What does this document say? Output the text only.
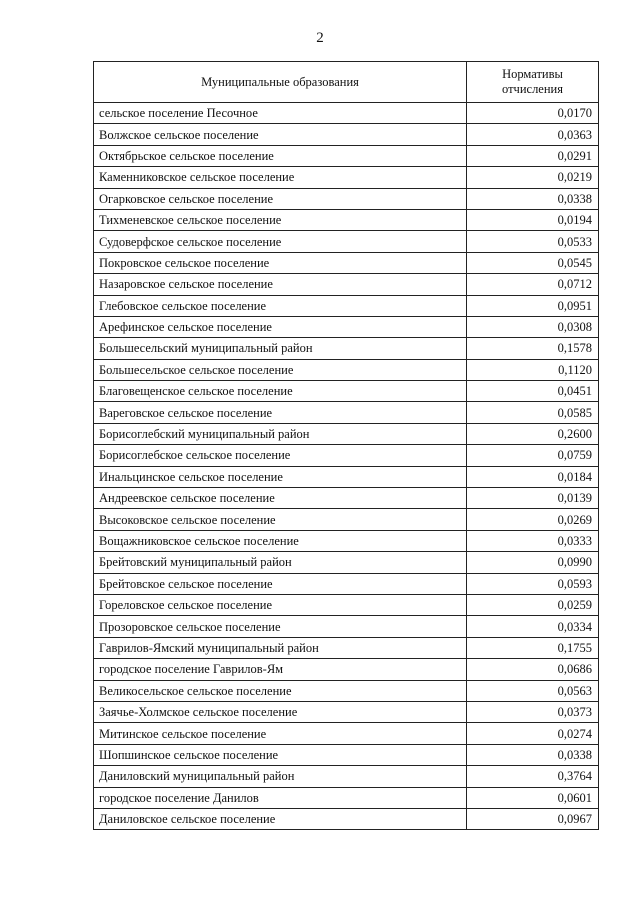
2
Муниципальные образования	Нормативы
отчисления

сельское поселение Песочное	0,0170
Волжское сельское поселение	0,0363
Октябрьское сельское поселение	0,0291
Каменниковское сельское поселение	0,0219
Огарковское сельское поселение	0,0338
Тихменевское сельское поселение	0,0194
Судоверфское сельское поселение	0,0533
Покровское сельское поселение	0,0545
Назаровское сельское поселение	0,0712
Глебовское сельское поселение	0,0951
Арефинское сельское поселение	0,0308
Большесельский муниципальный район	0,1578
Большесельское сельское поселение	0,1120
Благовещенское сельское поселение	0,0451
Вареговское сельское поселение	0,0585
Борисоглебский муниципальный район	0,2600
Борисоглебское сельское поселение	0,0759
Инальцинское сельское поселение	0,0184
Андреевское сельское поселение	0,0139
Высоковское сельское поселение	0,0269
Вощажниковское сельское поселение	0,0333
Брейтовский муниципальный район	0,0990
Брейтовское сельское поселение	0,0593
Гореловское сельское поселение	0,0259
Прозоровское сельское поселение	0,0334
Гаврилов-Ямский муниципальный район	0,1755
городское поселение Гаврилов-Ям	0,0686
Великосельское сельское поселение	0,0563
Заячье-Холмское сельское поселение	0,0373
Митинское сельское поселение	0,0274
Шопшинское сельское поселение	0,0338
Даниловский муниципальный район	0,3764
городское поселение Данилов	0,0601
Даниловское сельское поселение	0,0967
